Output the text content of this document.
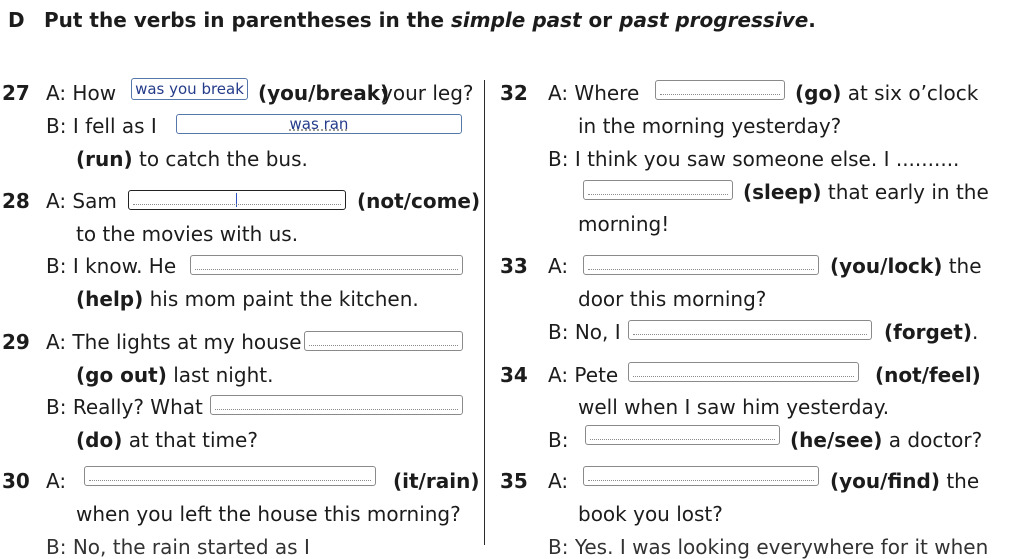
D Put the verbs in parentheses in the simple past or past progressive.
27 A: How was you break (you/break)
your leg?
B: I fell as I	was ran
(run) to catch the bus.
28 A: Sam	(not/come)
to the movies with us.
B: I know. He
(help) his mom paint the kitchen.
29 A: The lights at my house
(go out) last night.
B: Really? What
(do) at that time?
30 A:	(it/rain)
when you left the house this morning?
B: No, the rain started as I
32 A: Where	(go) at six o’clock
in the morning yesterday?
B: I think you saw someone else. I ..........
(sleep) that early in the
morning!
33 A:	(you/lock) the
door this morning?
B: No, I	(forget).
34 A: Pete	(not/feel)
well when I saw him yesterday.
B:	(he/see) a doctor?
35 A:	(you/find) the
book you lost?
B: Yes. I was looking everywhere for it when
